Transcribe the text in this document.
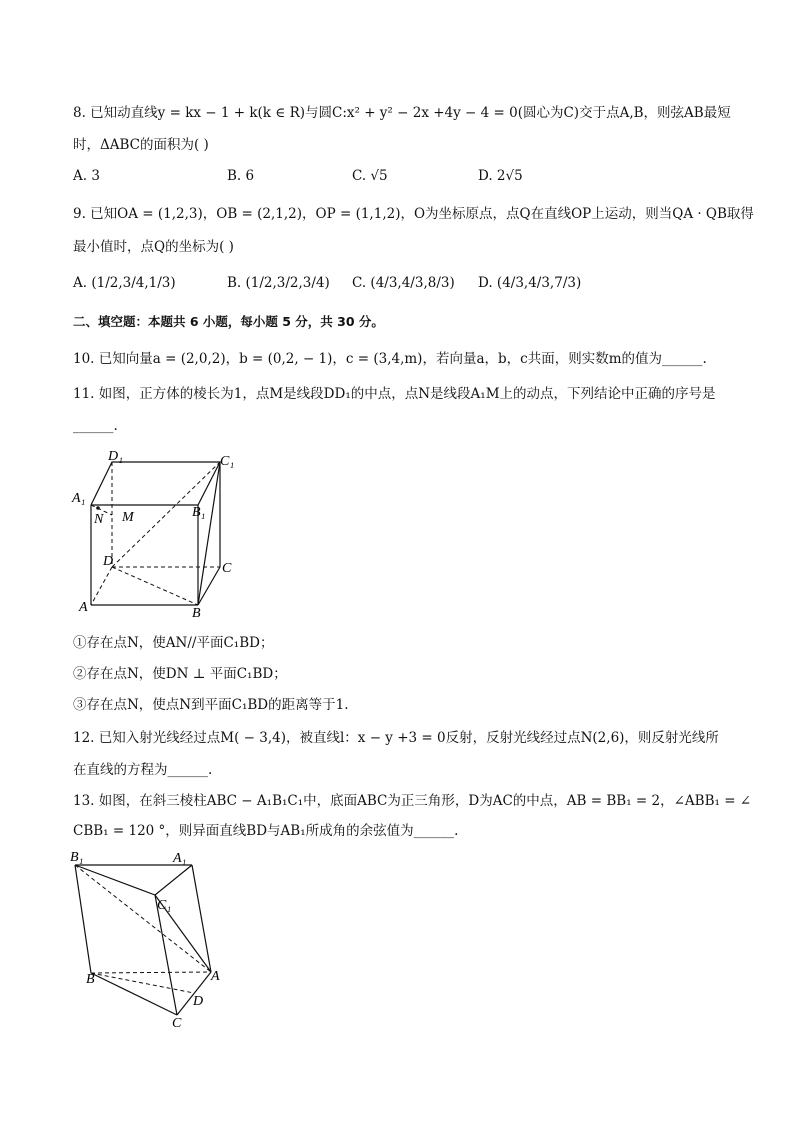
8. 已知动直线y = kx − 1 + k(k ∈ R)与圆C:x² + y² − 2x +4y − 4 = 0(圆心为C)交于点A,B，则弦AB最短
时，ΔABC的面积为( )
A. 3	B. 6	C. √5	D. 2√5
9. 已知OA = (1,2,3)，OB = (2,1,2)，OP = (1,1,2)，O为坐标原点，点Q在直线OP上运动，则当QA · QB取得
最小值时，点Q的坐标为( )
A. (1/2,3/4,1/3)	B. (1/2,3/2,3/4) C. (4/3,4/3,8/3) D. (4/3,4/3,7/3)
二、填空题：本题共 6 小题，每小题 5 分，共 30 分。
10. 已知向量a = (2,0,2)，b = (0,2, − 1)，c = (3,4,m)，若向量a，b，c共面，则实数m的值为______.
11. 如图，正方体的棱长为1，点M是线段DD₁的中点，点N是线段A₁M上的动点，下列结论中正确的序号是
______.
D₁	C₁
A₁
B₁
N M
D	C
A	B
①存在点N，使AN//平面C₁BD；
②存在点N，使DN ⊥ 平面C₁BD；
③存在点N，使点N到平面C₁BD的距离等于1.
12. 已知入射光线经过点M( − 3,4)，被直线l：x − y +3 = 0反射，反射光线经过点N(2,6)，则反射光线所
在直线的方程为______.
13. 如图，在斜三棱柱ABC − A₁B₁C₁中，底面ABC为正三角形，D为AC的中点，AB = BB₁ = 2，∠ABB₁ = ∠
CBB₁ = 120 °，则异面直线BD与AB₁所成角的余弦值为______.
B₁	A₁
C₁
B	A
D
C
